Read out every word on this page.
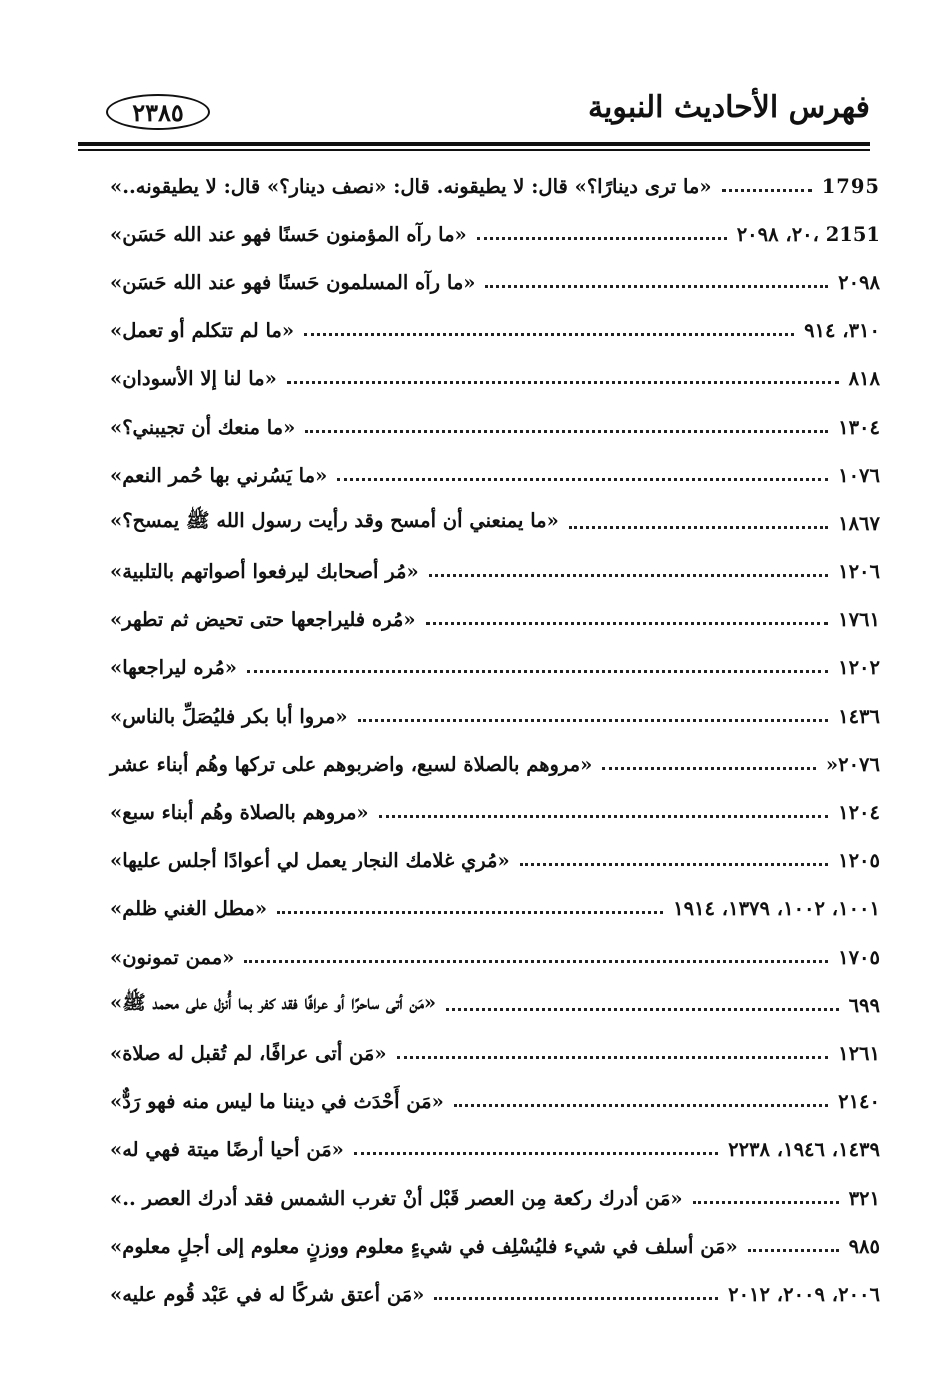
٢٣٨٥	فهرس الأحاديث النبوية
«ما ترى دينارًا؟» قال: لا يطيقونه. قال: «نصف دينار؟» قال: لا يطيقونه..»	1795
«ما رآه المؤمنون حَسنًا فهو عند الله حَسَن»	٢٠، ٢٠٩٨، 2151
«ما رآه المسلمون حَسنًا فهو عند الله حَسَن»	٢٠٩٨
«ما لم تتكلم أو تعمل»	٣١٠، ٩١٤
«ما لنا إلا الأسودان»	٨١٨
«ما منعك أن تجيبني؟»	١٣٠٤
«ما يَسُرني بها حُمر النعم»	١٠٧٦
«ما يمنعني أن أمسح وقد رأيت رسول الله ﷺ يمسح؟»	١٨٦٧
«مُر أصحابك ليرفعوا أصواتهم بالتلبية»	١٢٠٦
«مُره فليراجعها حتى تحيض ثم تطهر»	١٧٦١
«مُره ليراجعها»	١٢٠٢
«مروا أبا بكر فليُصَلِّ بالناس»	١٤٣٦
«مروهم بالصلاة لسبع، واضربوهم على تركها وهُم أبناء عشر	»٢٠٧٦
«مروهم بالصلاة وهُم أبناء سبع»	١٢٠٤
«مُري غلامك النجار يعمل لي أعوادًا أجلس عليها»	١٢٠٥
«مطل الغني ظلم»	١٠٠١، ١٠٠٢، ١٣٧٩، ١٩١٤
«ممن تمونون»	١٧٠٥
«مَن أتى ساحرًا أو عرافًا فقد كفر بما أُنزل على محمد ﷺ»	٦٩٩
«مَن أتى عرافًا، لم تُقبل له صلاة»	١٢٦١
«مَن أَحْدَث في ديننا ما ليس منه فهو رَدٌّ»	٢١٤٠
«مَن أحيا أرضًا ميتة فهي له»	١٤٣٩، ١٩٤٦، ٢٢٣٨
«مَن أدرك ركعة مِن العصر قَبْل أنْ تغرب الشمس فقد أدرك العصر ..»	٣٢١
«مَن أسلف في شيء فليُسْلِف في شيءٍ معلوم ووزنٍ معلوم إلى أجلٍ معلوم»	٩٨٥
«مَن أعتق شركًا له في عَبْد قُوم عليه»	٢٠٠٦، ٢٠٠٩، ٢٠١٢
